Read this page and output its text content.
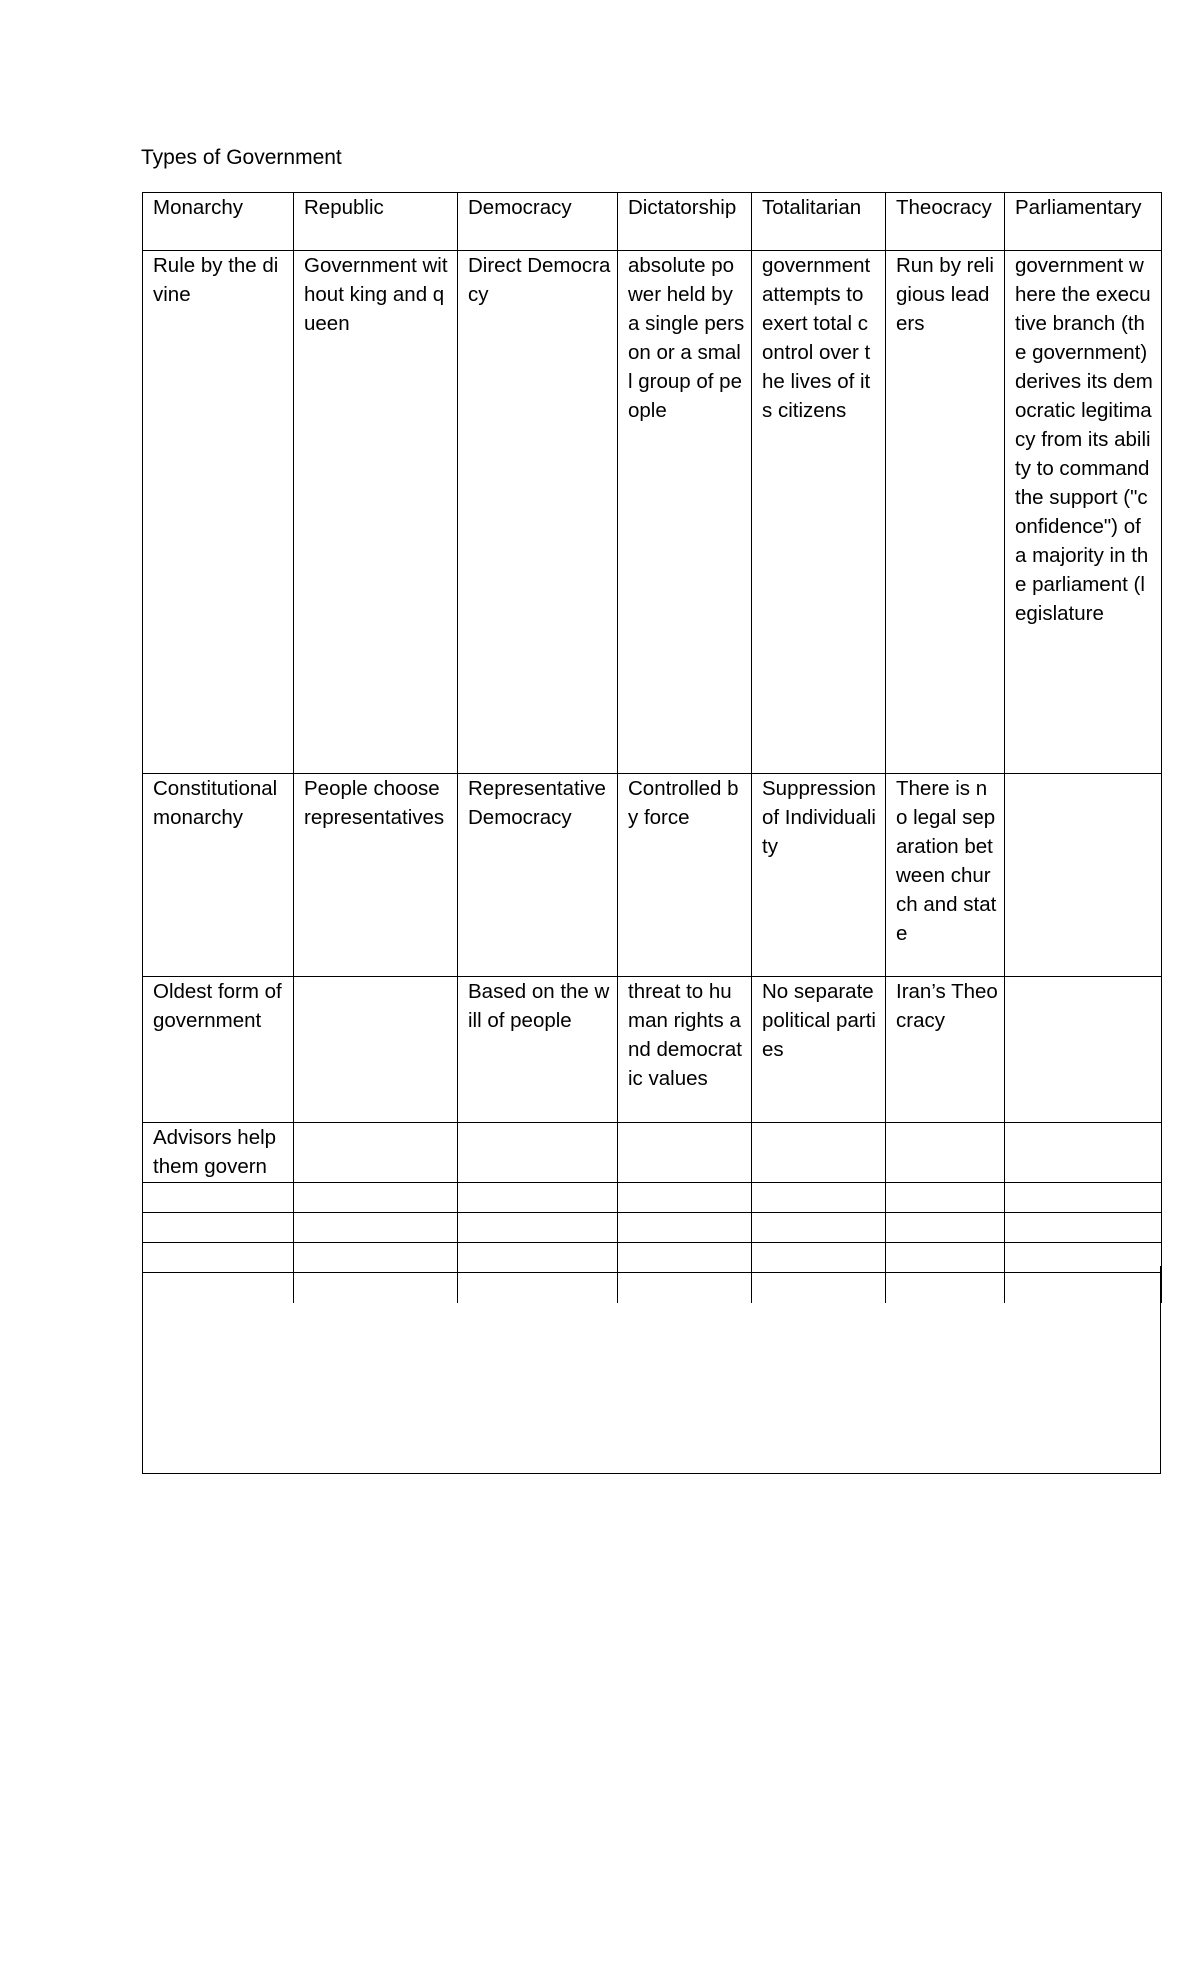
Types of Government
Monarchy	Republic	Democracy	Dictatorship	Totalitarian	Theocracy	Parliamentary
Rule by the divine	Government without king and queen	Direct Democracy	absolute power held by a single person or a small group of people	government attempts to exert total control over the lives of its citizens	Run by religious leaders	government where the executive branch (the government) derives its democratic legitimacy from its ability to command the support ("confidence") of a majority in the parliament (legislature
Constitutional monarchy	People choose representatives	Representative Democracy	Controlled by force	Suppression of Individuality	There is no legal separation between church and state	
Oldest form of government		Based on the will of people	threat to human rights and democratic values	No separate political parties	Iran’s Theocracy	
Advisors help them govern						
